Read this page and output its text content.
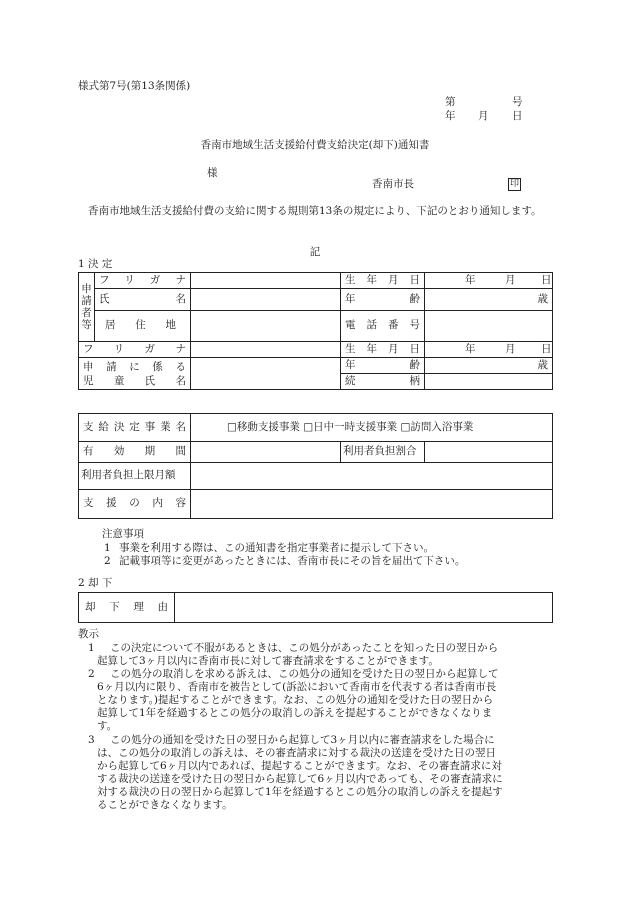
様式第7号(第13条関係)
第	号
年 月 日
香南市地域生活支援給付費支給決定(却下)通知書
様
香南市長	印
香南市地域生活支援給付費の支給に関する規則第13条の規定により、下記のとおり通知します。
記
1 決 定
申請者等	フリガナ		生年月日	年 月 日

	氏名		年齢	歳
	居住地		電話番号	
フリガナ			生年月日	年 月 日

申請に係る
児童氏名			年齢	歳
			続柄	
支給決定事業名	□移動支援事業 □日中一時支援事業 □訪問入浴事業		
有効期間		利用者負担割合	
利用者負担上限月額			
支援の内容			
注意事項
1 事業を利用する際は、この通知書を指定事業者に提示して下さい。
2 記載事項等に変更があったときには、香南市長にその旨を届出て下さい。
2 却 下
却下理由	
教示
1 この決定について不服があるときは、この処分があったことを知った日の翌日から
起算して3ヶ月以内に香南市長に対して審査請求をすることができます。
2 この処分の取消しを求める訴えは、この処分の通知を受けた日の翌日から起算して
6ヶ月以内に限り、香南市を被告として(訴訟において香南市を代表する者は香南市長
となります。)提起することができます。なお、この処分の通知を受けた日の翌日から
起算して1年を経過するとこの処分の取消しの訴えを提起することができなくなりま
す。
3 この処分の通知を受けた日の翌日から起算して3ヶ月以内に審査請求をした場合に
は、この処分の取消しの訴えは、その審査請求に対する裁決の送達を受けた日の翌日
から起算して6ヶ月以内であれば、提起することができます。なお、その審査請求に対
する裁決の送達を受けた日の翌日から起算して6ヶ月以内であっても、その審査請求に
対する裁決の日の翌日から起算して1年を経過するとこの処分の取消しの訴えを提起す
ることができなくなります。
